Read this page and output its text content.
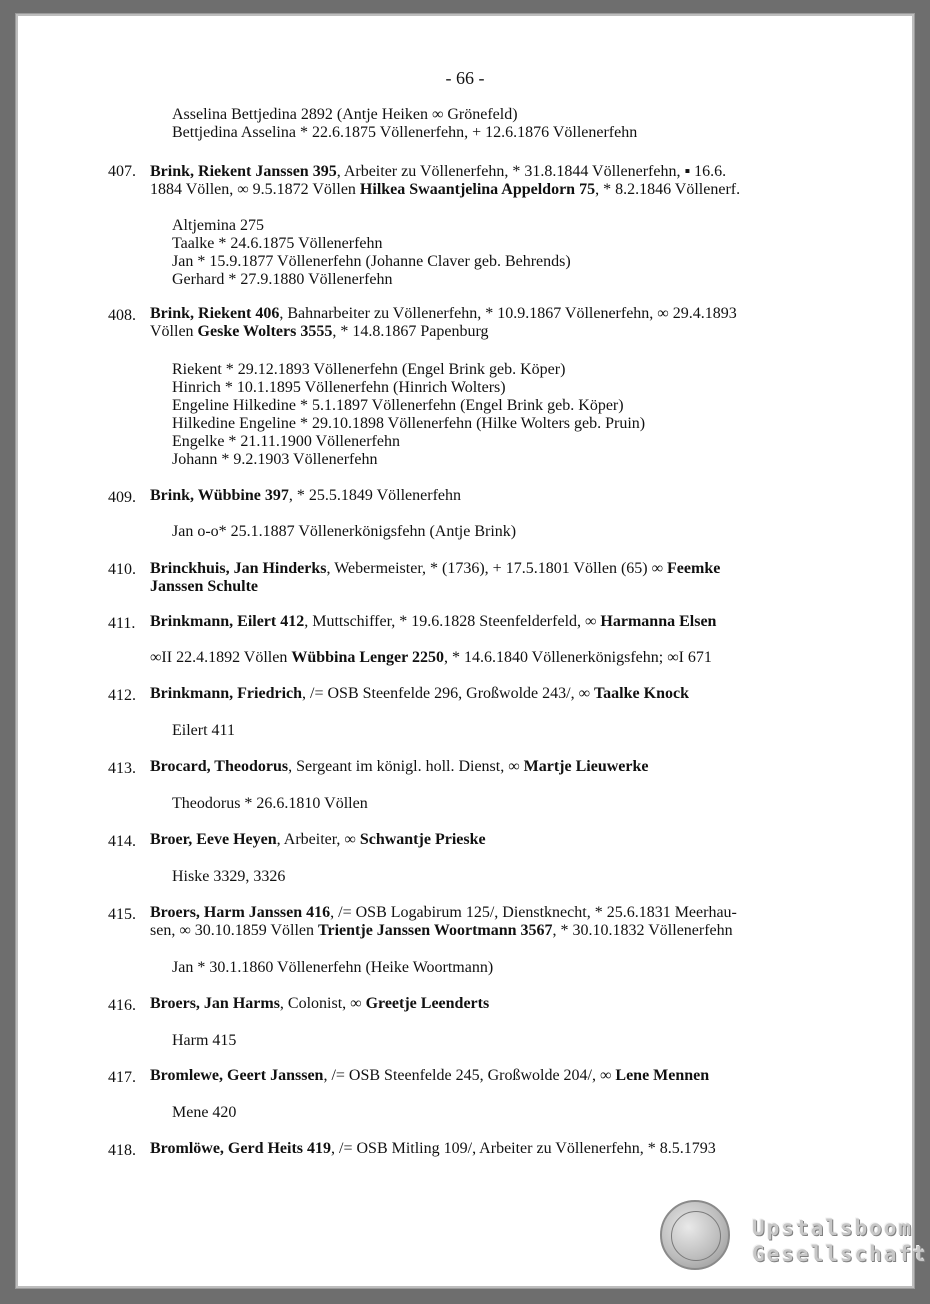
- 66 -
Asselina Bettjedina 2892 (Antje Heiken ∞ Grönefeld)
Bettjedina Asselina * 22.6.1875 Völlenerfehn, + 12.6.1876 Völlenerfehn
407. Brink, Riekent Janssen 395, Arbeiter zu Völlenerfehn, * 31.8.1844 Völlenerfehn, ▪ 16.6.
1884 Völlen, ∞ 9.5.1872 Völlen Hilkea Swaantjelina Appeldorn 75, * 8.2.1846 Völlenerf.
Altjemina 275
Taalke * 24.6.1875 Völlenerfehn
Jan * 15.9.1877 Völlenerfehn (Johanne Claver geb. Behrends)
Gerhard * 27.9.1880 Völlenerfehn
408. Brink, Riekent 406, Bahnarbeiter zu Völlenerfehn, * 10.9.1867 Völlenerfehn, ∞ 29.4.1893
Völlen Geske Wolters 3555, * 14.8.1867 Papenburg
Riekent * 29.12.1893 Völlenerfehn (Engel Brink geb. Köper)
Hinrich * 10.1.1895 Völlenerfehn (Hinrich Wolters)
Engeline Hilkedine * 5.1.1897 Völlenerfehn (Engel Brink geb. Köper)
Hilkedine Engeline * 29.10.1898 Völlenerfehn (Hilke Wolters geb. Pruin)
Engelke * 21.11.1900 Völlenerfehn
Johann * 9.2.1903 Völlenerfehn
409. Brink, Wübbine 397, * 25.5.1849 Völlenerfehn
Jan o-o* 25.1.1887 Völlenerkönigsfehn (Antje Brink)
410. Brinckhuis, Jan Hinderks, Webermeister, * (1736), + 17.5.1801 Völlen (65) ∞ Feemke
Janssen Schulte
411. Brinkmann, Eilert 412, Muttschiffer, * 19.6.1828 Steenfelderfeld, ∞ Harmanna Elsen
∞II 22.4.1892 Völlen Wübbina Lenger 2250, * 14.6.1840 Völlenerkönigsfehn; ∞I 671
412. Brinkmann, Friedrich, /= OSB Steenfelde 296, Großwolde 243/, ∞ Taalke Knock
Eilert 411
413. Brocard, Theodorus, Sergeant im königl. holl. Dienst, ∞ Martje Lieuwerke
Theodorus * 26.6.1810 Völlen
414. Broer, Eeve Heyen, Arbeiter, ∞ Schwantje Prieske
Hiske 3329, 3326
415. Broers, Harm Janssen 416, /= OSB Logabirum 125/, Dienstknecht, * 25.6.1831 Meerhau-
sen, ∞ 30.10.1859 Völlen Trientje Janssen Woortmann 3567, * 30.10.1832 Völlenerfehn
Jan * 30.1.1860 Völlenerfehn (Heike Woortmann)
416. Broers, Jan Harms, Colonist, ∞ Greetje Leenderts
Harm 415
417. Bromlewe, Geert Janssen, /= OSB Steenfelde 245, Großwolde 204/, ∞ Lene Mennen
Mene 420
418. Bromlöwe, Gerd Heits 419, /= OSB Mitling 109/, Arbeiter zu Völlenerfehn, * 8.5.1793
Upstalsboom
Gesellschaft
